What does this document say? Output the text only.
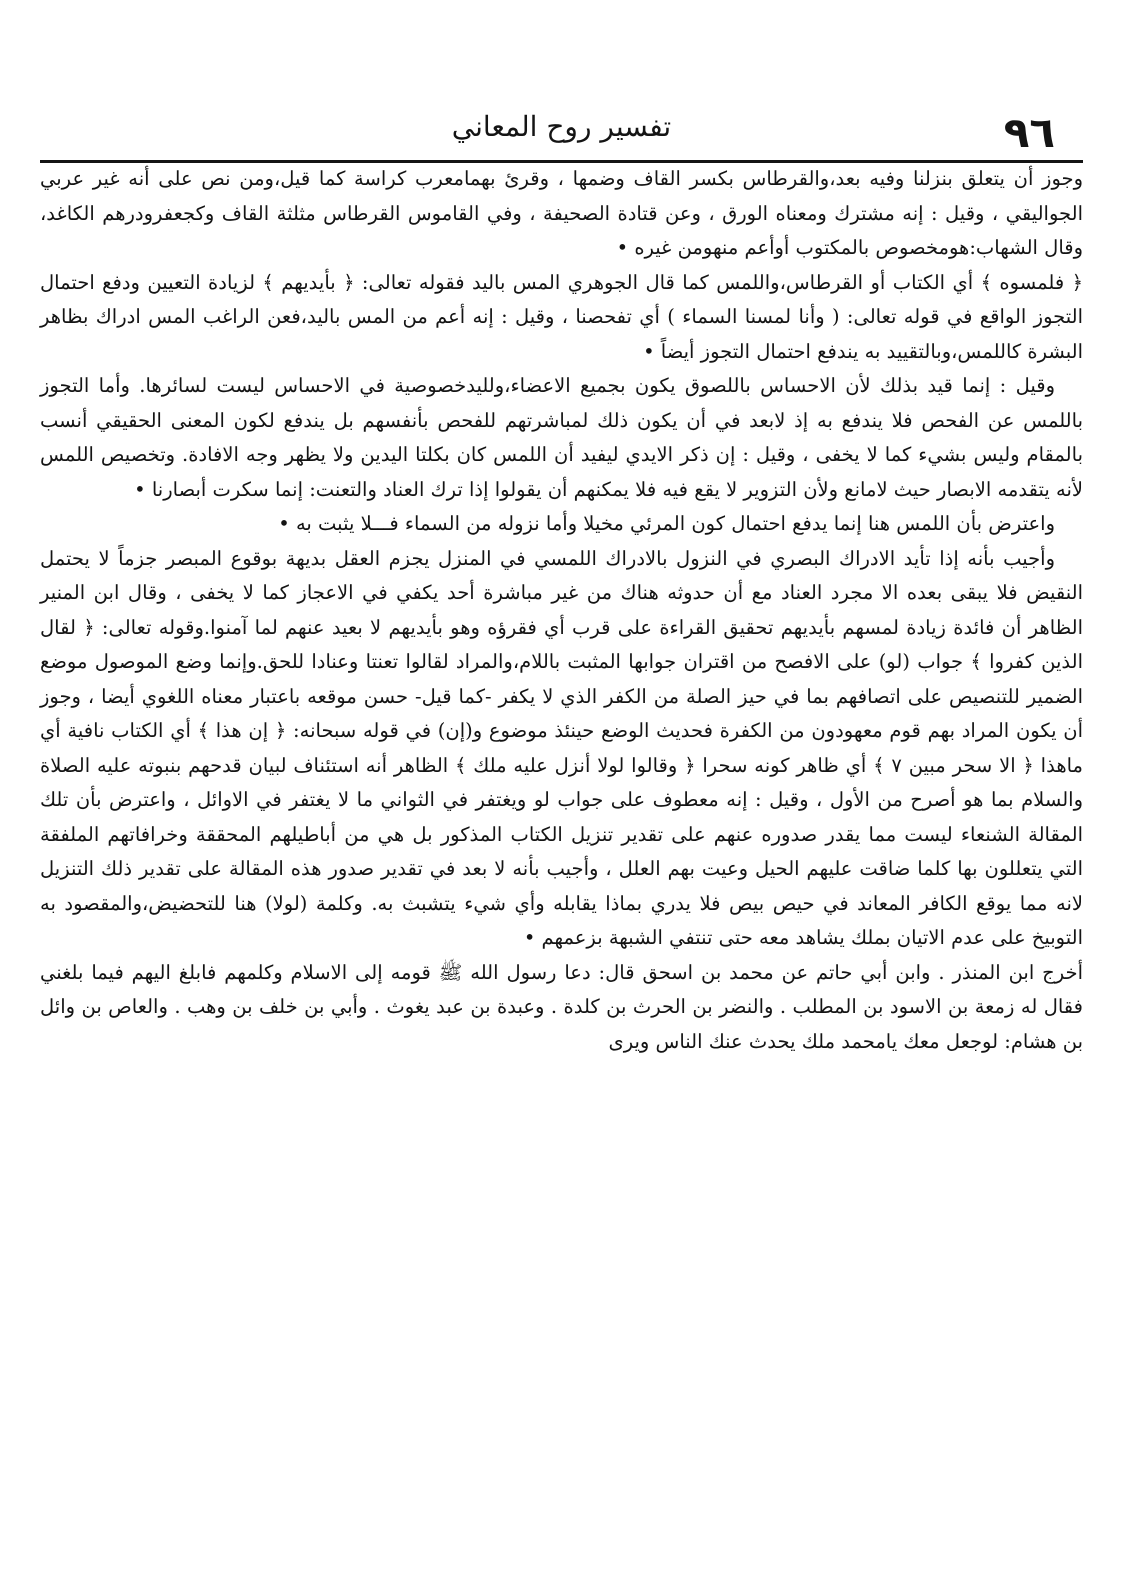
٩٦
تفسير روح المعاني

وجوز أن يتعلق بنزلنا وفيه بعد،والقرطاس بكسر القاف وضمها ، وقرئ بهمامعرب كراسة كما قيل،ومن نص على أنه غير عربي الجواليقي ، وقيل : إنه مشترك ومعناه الورق ، وعن قتادة الصحيفة ، وفي القاموس القرطاس مثلثة القاف وكجعفرودرهم الكاغد، وقال الشهاب:هومخصوص بالمكتوب أوأعم منهومن غيره •

﴿ فلمسوه ﴾ أي الكتاب أو القرطاس،واللمس كما قال الجوهري المس باليد فقوله تعالى: ﴿ بأيديهم ﴾ لزيادة التعيين ودفع احتمال التجوز الواقع في قوله تعالى: ( وأنا لمسنا السماء ) أي تفحصنا ، وقيل : إنه أعم من المس باليد،فعن الراغب المس ادراك بظاهر البشرة كاللمس،وبالتقييد به يندفع احتمال التجوز أيضاً •

وقيل : إنما قيد بذلك لأن الاحساس باللصوق يكون بجميع الاعضاء،ولليدخصوصية في الاحساس ليست لسائرها. وأما التجوز باللمس عن الفحص فلا يندفع به إذ لابعد في أن يكون ذلك لمباشرتهم للفحص بأنفسهم بل يندفع لكون المعنى الحقيقي أنسب بالمقام وليس بشيء كما لا يخفى ، وقيل : إن ذكر الايدي ليفيد أن اللمس كان بكلتا اليدين ولا يظهر وجه الافادة. وتخصيص اللمس لأنه يتقدمه الابصار حيث لامانع ولأن التزوير لا يقع فيه فلا يمكنهم أن يقولوا إذا ترك العناد والتعنت: إنما سكرت أبصارنا •

واعترض بأن اللمس هنا إنما يدفع احتمال كون المرئي مخيلا وأما نزوله من السماء فـــلا يثبت به •

وأجيب بأنه إذا تأيد الادراك البصري في النزول بالادراك اللمسي في المنزل يجزم العقل بديهة بوقوع المبصر جزماً لا يحتمل النقيض فلا يبقى بعده الا مجرد العناد مع أن حدوثه هناك من غير مباشرة أحد يكفي في الاعجاز كما لا يخفى ، وقال ابن المنير الظاهر أن فائدة زيادة لمسهم بأيديهم تحقيق القراءة على قرب أي فقرؤه وهو بأيديهم لا بعيد عنهم لما آمنوا.وقوله تعالى: ﴿ لقال الذين كفروا ﴾ جواب (لو) على الافصح من اقتران جوابها المثبت باللام،والمراد لقالوا تعنتا وعنادا للحق.وإنما وضع الموصول موضع الضمير للتنصيص على اتصافهم بما في حيز الصلة من الكفر الذي لا يكفر -كما قيل- حسن موقعه باعتبار معناه اللغوي أيضا ، وجوز أن يكون المراد بهم قوم معهودون من الكفرة فحديث الوضع حينئذ موضوع و(إن) في قوله سبحانه: ﴿ إن هذا ﴾ أي الكتاب نافية أي ماهذا ﴿ الا سحر مبين ٧ ﴾ أي ظاهر كونه سحرا ﴿ وقالوا لولا أنزل عليه ملك ﴾ الظاهر أنه استئناف لبيان قدحهم بنبوته عليه الصلاة والسلام بما هو أصرح من الأول ، وقيل : إنه معطوف على جواب لو ويغتفر في الثواني ما لا يغتفر في الاوائل ، واعترض بأن تلك المقالة الشنعاء ليست مما يقدر صدوره عنهم على تقدير تنزيل الكتاب المذكور بل هي من أباطيلهم المحققة وخرافاتهم الملفقة التي يتعللون بها كلما ضاقت عليهم الحيل وعيت بهم العلل ، وأجيب بأنه لا بعد في تقدير صدور هذه المقالة على تقدير ذلك التنزيل لانه مما يوقع الكافر المعاند في حيص بيص فلا يدري بماذا يقابله وأي شيء يتشبث به. وكلمة (لولا) هنا للتحضيض،والمقصود به التوبيخ على عدم الاتيان بملك يشاهد معه حتى تنتفي الشبهة بزعمهم •

أخرج ابن المنذر . وابن أبي حاتم عن محمد بن اسحق قال: دعا رسول الله ﷺ قومه إلى الاسلام وكلمهم فابلغ اليهم فيما بلغني فقال له زمعة بن الاسود بن المطلب . والنضر بن الحرث بن كلدة . وعبدة بن عبد يغوث . وأبي بن خلف بن وهب . والعاص بن وائل بن هشام: لوجعل معك يامحمد ملك يحدث عنك الناس ويرى
